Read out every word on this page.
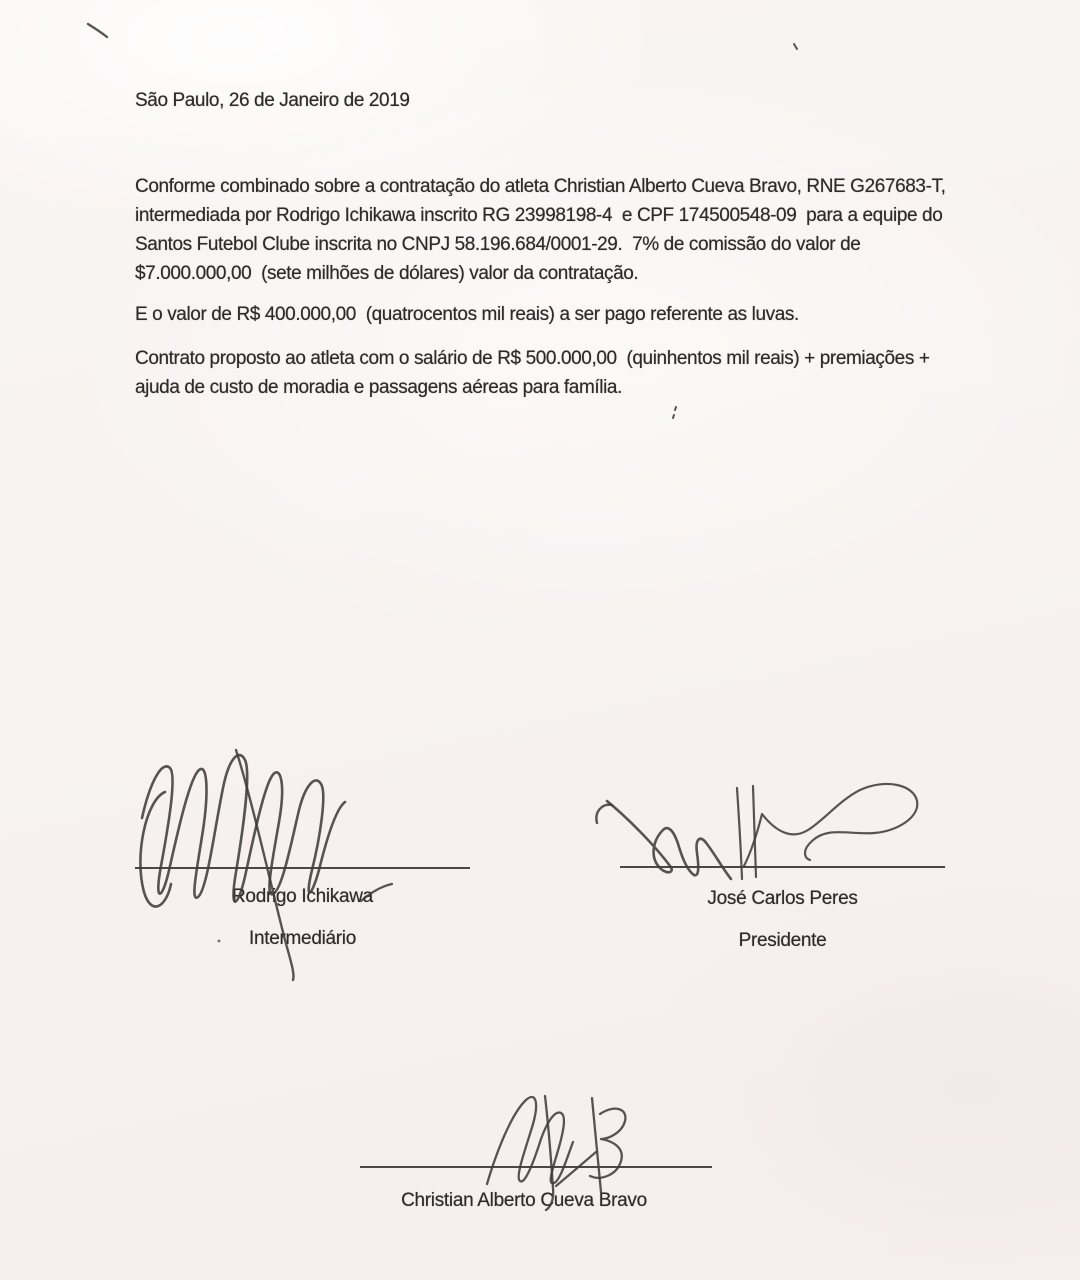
São Paulo, 26 de Janeiro de 2019
Conforme combinado sobre a contratação do atleta Christian Alberto Cueva Bravo, RNE G267683-T,
intermediada por Rodrigo Ichikawa inscrito RG 23998198-4  e CPF 174500548-09  para a equipe do
Santos Futebol Clube inscrita no CNPJ 58.196.684/0001-29.  7% de comissão do valor de
$7.000.000,00  (sete milhões de dólares) valor da contratação.
E o valor de R$ 400.000,00  (quatrocentos mil reais) a ser pago referente as luvas.
Contrato proposto ao atleta com o salário de R$ 500.000,00  (quinhentos mil reais) + premiações +
ajuda de custo de moradia e passagens aéreas para família.
Rodrigo Ichikawa
Intermediário
José Carlos Peres
Presidente
Christian Alberto Cueva Bravo
